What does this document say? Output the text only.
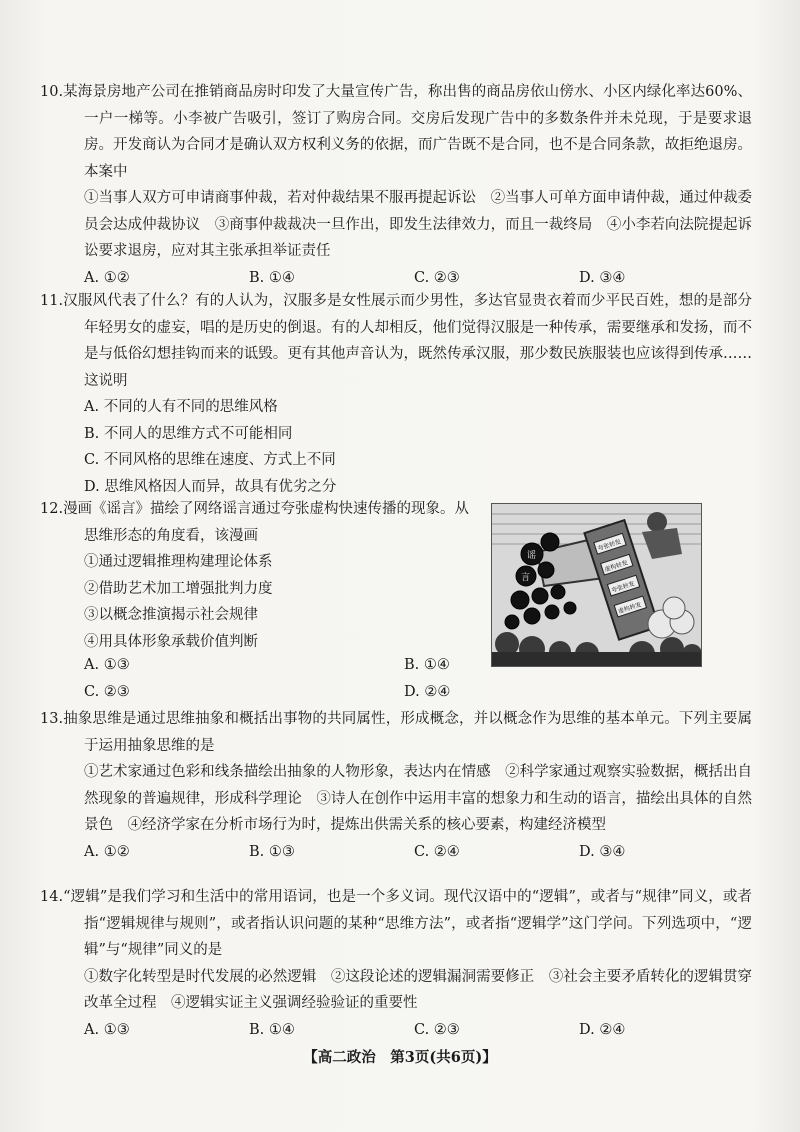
10.某海景房地产公司在推销商品房时印发了大量宣传广告，称出售的商品房依山傍水、小区内绿化率达60%、一户一梯等。小李被广告吸引，签订了购房合同。交房后发现广告中的多数条件并未兑现，于是要求退房。开发商认为合同才是确认双方权利义务的依据，而广告既不是合同，也不是合同条款，故拒绝退房。本案中

①当事人双方可申请商事仲裁，若对仲裁结果不服再提起诉讼　②当事人可单方面申请仲裁，通过仲裁委员会达成仲裁协议　③商事仲裁裁决一旦作出，即发生法律效力，而且一裁终局　④小李若向法院提起诉讼要求退房，应对其主张承担举证责任

A. ①②	B. ①④	C. ②③	D. ③④

11.汉服风代表了什么？有的人认为，汉服多是女性展示而少男性，多达官显贵衣着而少平民百姓，想的是部分年轻男女的虚妄，唱的是历史的倒退。有的人却相反，他们觉得汉服是一种传承，需要继承和发扬，而不是与低俗幻想挂钩而来的诋毁。更有其他声音认为，既然传承汉服，那少数民族服装也应该得到传承……这说明

A. 不同的人有不同的思维风格

B. 不同人的思维方式不可能相同

C. 不同风格的思维在速度、方式上不同

D. 思维风格因人而异，故具有优劣之分

12.漫画《谣言》描绘了网络谣言通过夸张虚构快速传播的现象。从

思维形态的角度看，该漫画

①通过逻辑推理构建理论体系

②借助艺术加工增强批判力度

③以概念推演揭示社会规律

④用具体形象承载价值判断

A. ①③	B. ①④

C. ②③	D. ②④

夸张转发
虚构转发
夸张转发
虚构转发
谣
言

13.抽象思维是通过思维抽象和概括出事物的共同属性，形成概念，并以概念作为思维的基本单元。下列主要属于运用抽象思维的是

①艺术家通过色彩和线条描绘出抽象的人物形象，表达内在情感　②科学家通过观察实验数据，概括出自然现象的普遍规律，形成科学理论　③诗人在创作中运用丰富的想象力和生动的语言，描绘出具体的自然景色　④经济学家在分析市场行为时，提炼出供需关系的核心要素，构建经济模型

A. ①②	B. ①③	C. ②④	D. ③④

14.“逻辑”是我们学习和生活中的常用语词，也是一个多义词。现代汉语中的“逻辑”，或者与“规律”同义，或者指“逻辑规律与规则”，或者指认识问题的某种“思维方法”，或者指“逻辑学”这门学问。下列选项中，“逻辑”与“规律”同义的是

①数字化转型是时代发展的必然逻辑　②这段论述的逻辑漏洞需要修正　③社会主要矛盾转化的逻辑贯穿改革全过程　④逻辑实证主义强调经验验证的重要性

A. ①③	B. ①④	C. ②③	D. ②④

【高二政治　第3页(共6页)】
